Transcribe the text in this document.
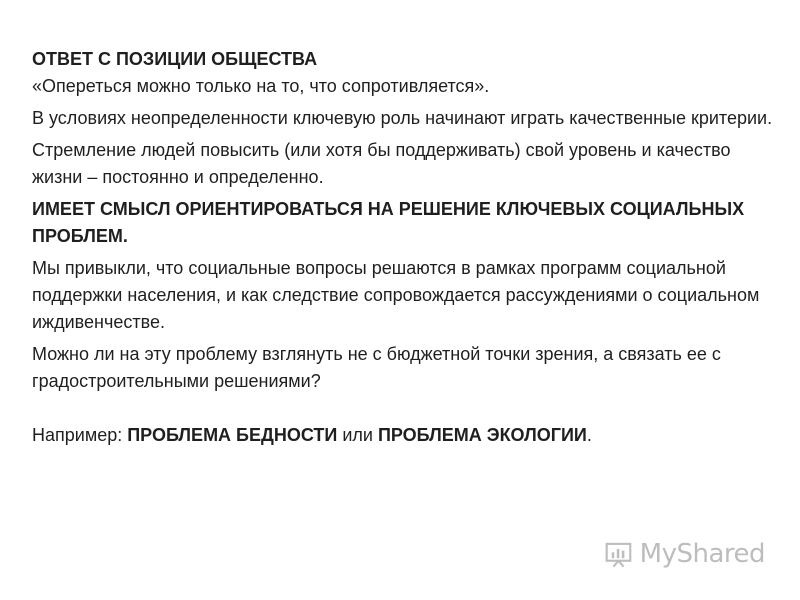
ОТВЕТ С ПОЗИЦИИ ОБЩЕСТВА

«Опереться можно только на то, что сопротивляется».

В условиях неопределенности ключевую роль начинают играть качественные критерии.

Стремление людей повысить (или хотя бы поддерживать) свой уровень и качество жизни – постоянно и определенно.

ИМЕЕТ СМЫСЛ ОРИЕНТИРОВАТЬСЯ НА РЕШЕНИЕ КЛЮЧЕВЫХ СОЦИАЛЬНЫХ ПРОБЛЕМ.

Мы привыкли, что социальные вопросы решаются в рамках программ социальной поддержки населения, и как следствие сопровождается рассуждениями о социальном иждивенчестве.

Можно ли на эту проблему взглянуть не с бюджетной точки зрения, а связать ее с градостроительными решениями?

Например: ПРОБЛЕМА БЕДНОСТИ или ПРОБЛЕМА ЭКОЛОГИИ.

MyShared
